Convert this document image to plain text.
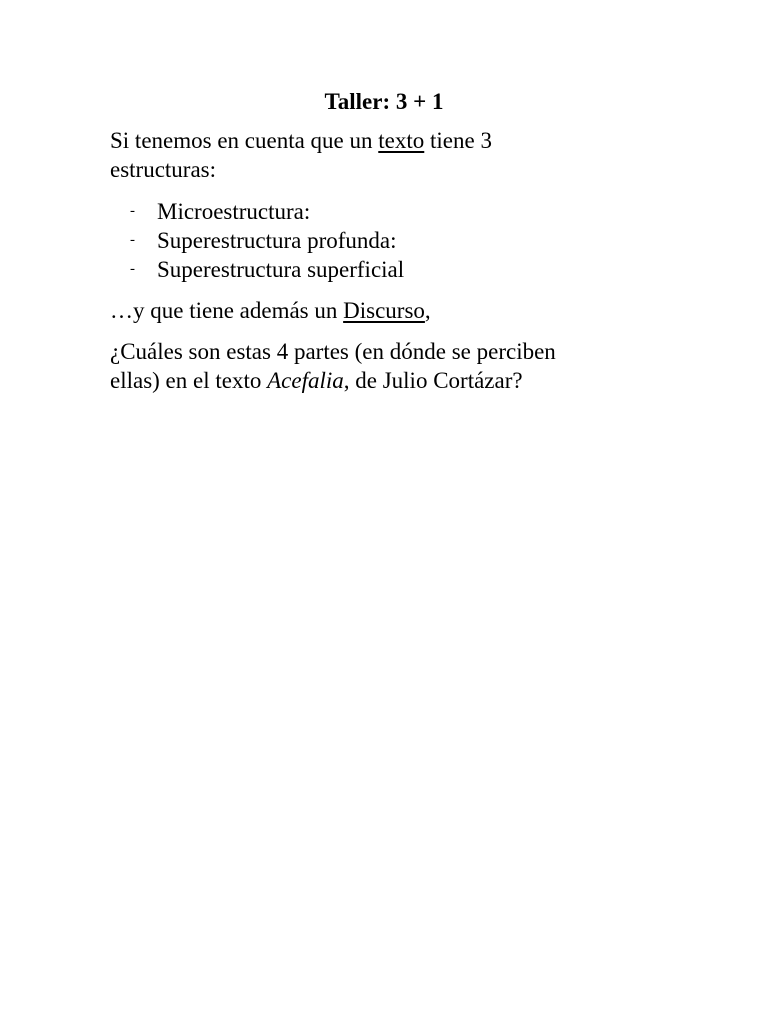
Taller: 3 + 1
Si tenemos en cuenta que un texto tiene 3
estructuras:
- Microestructura:
- Superestructura profunda:
- Superestructura superficial
…y que tiene además un Discurso,
¿Cuáles son estas 4 partes (en dónde se perciben
ellas) en el texto Acefalia, de Julio Cortázar?
